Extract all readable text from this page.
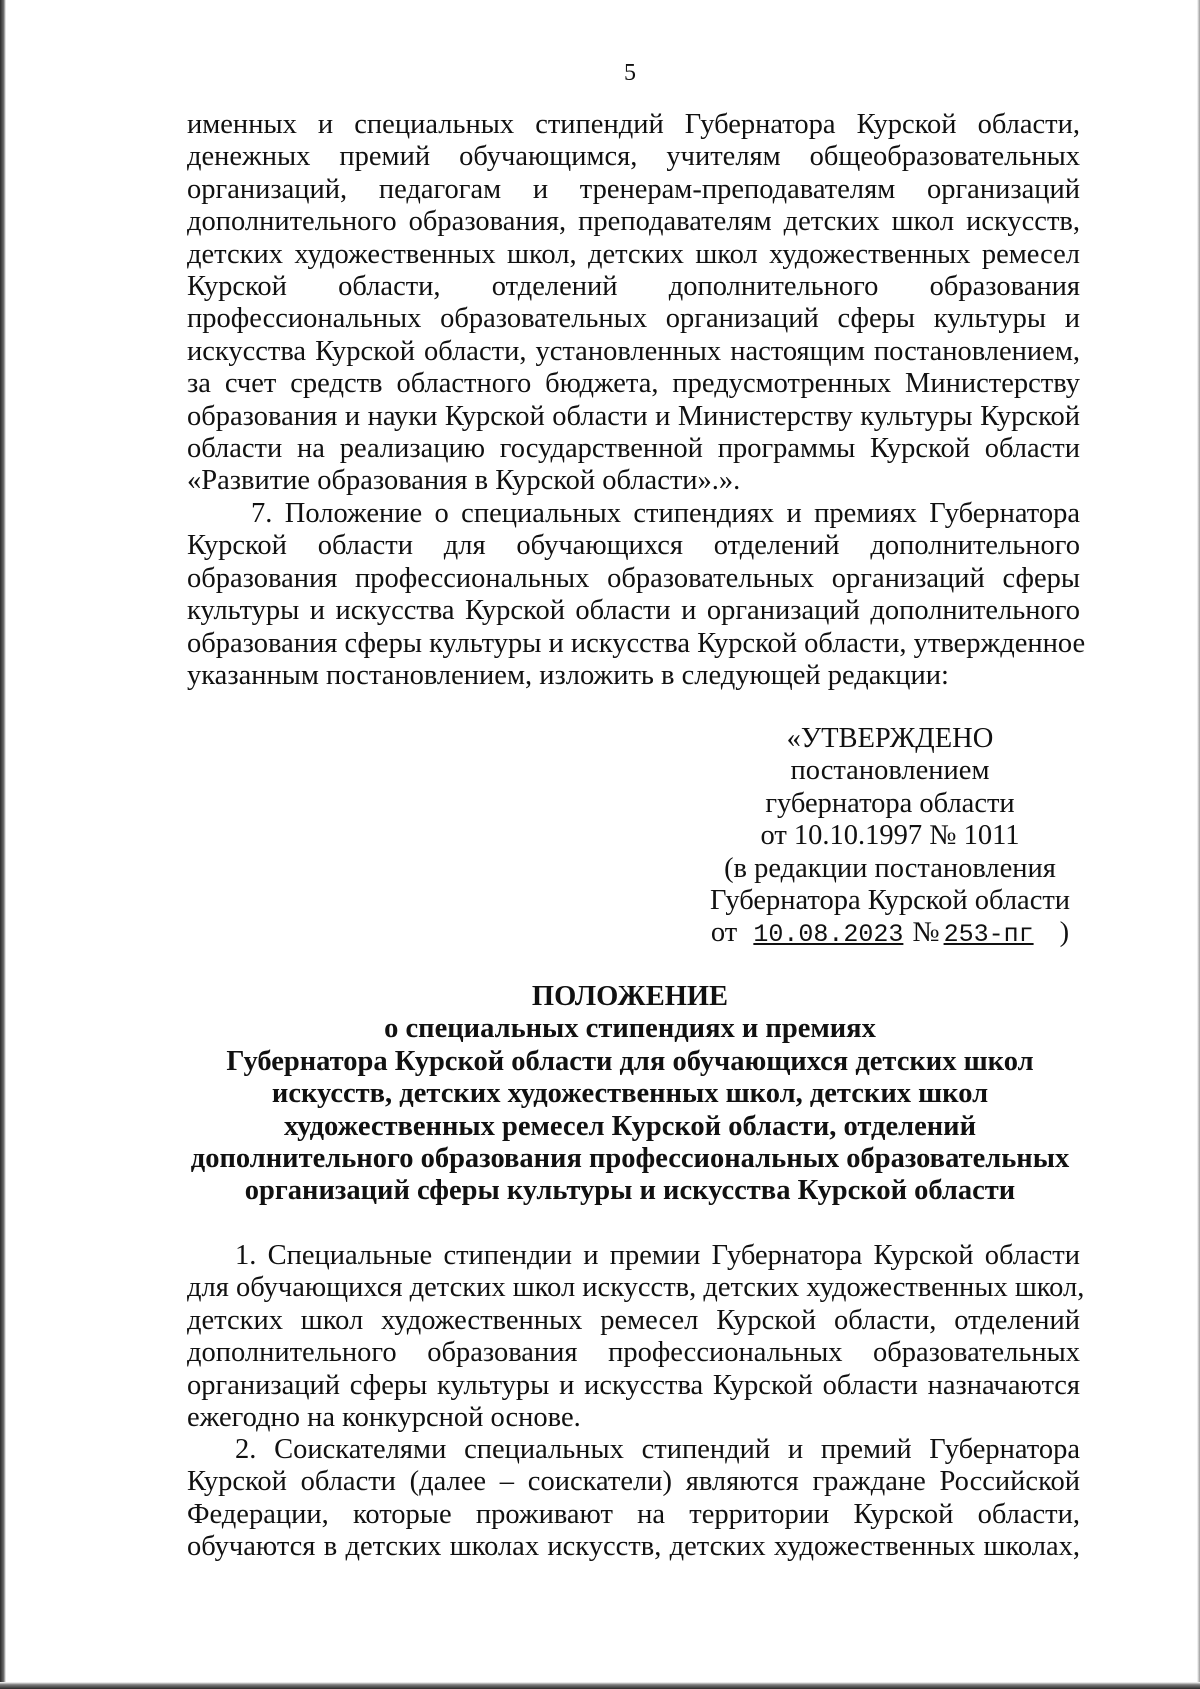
5
именных и специальных стипендий Губернатора Курской области,
денежных премий обучающимся, учителям общеобразовательных
организаций, педагогам и тренерам-преподавателям организаций
дополнительного образования, преподавателям детских школ искусств,
детских художественных школ, детских школ художественных ремесел
Курской области, отделений дополнительного образования
профессиональных образовательных организаций сферы культуры и
искусства Курской области, установленных настоящим постановлением,
за счет средств областного бюджета, предусмотренных Министерству
образования и науки Курской области и Министерству культуры Курской
области на реализацию государственной программы Курской области
«Развитие образования в Курской области».».
7. Положение о специальных стипендиях и премиях Губернатора
Курской области для обучающихся отделений дополнительного
образования профессиональных образовательных организаций сферы
культуры и искусства Курской области и организаций дополнительного
образования сферы культуры и искусства Курской области, утвержденное
указанным постановлением, изложить в следующей редакции:
«УТВЕРЖДЕНО
постановлением
губернатора области
от 10.10.1997 № 1011
(в редакции постановления
Губернатора Курской области
от 10.08.2023 № 253-пг )
ПОЛОЖЕНИЕ
о специальных стипендиях и премиях
Губернатора Курской области для обучающихся детских школ
искусств, детских художественных школ, детских школ
художественных ремесел Курской области, отделений
дополнительного образования профессиональных образовательных
организаций сферы культуры и искусства Курской области
1. Специальные стипендии и премии Губернатора Курской области
для обучающихся детских школ искусств, детских художественных школ,
детских школ художественных ремесел Курской области, отделений
дополнительного образования профессиональных образовательных
организаций сферы культуры и искусства Курской области назначаются
ежегодно на конкурсной основе.
2. Соискателями специальных стипендий и премий Губернатора
Курской области (далее – соискатели) являются граждане Российской
Федерации, которые проживают на территории Курской области,
обучаются в детских школах искусств, детских художественных школах,
